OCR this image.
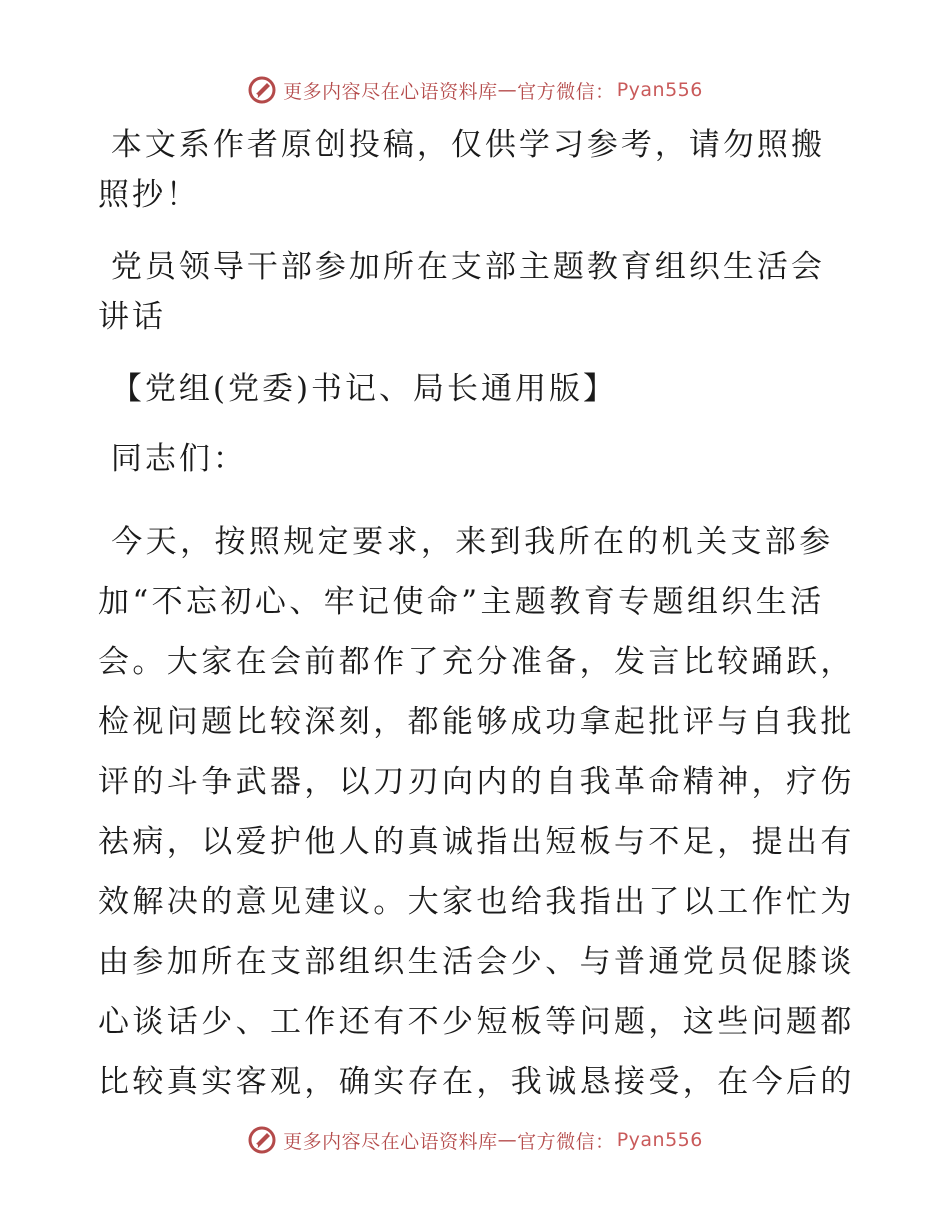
更多内容尽在心语资料库 — 官方微信： Pyan556

本文系作者原创投稿，仅供学习参考，请勿照搬照抄！

党员领导干部参加所在支部主题教育组织生活会讲话

【党组(党委)书记、局长通用版】

同志们：

今天，按照规定要求，来到我所在的机关支部参加“不忘初心、牢记使命”主题教育专题组织生活会。大家在会前都作了充分准备，发言比较踊跃，检视问题比较深刻，都能够成功拿起批评与自我批评的斗争武器，以刀刃向内的自我革命精神，疗伤祛病，以爱护他人的真诚指出短板与不足，提出有效解决的意见建议。大家也给我指出了以工作忙为由参加所在支部组织生活会少、与普通党员促膝谈心谈话少、工作还有不少短板等问题，这些问题都比较真实客观，确实存在，我诚恳接受，在今后的

更多内容尽在心语资料库 — 官方微信： Pyan556
